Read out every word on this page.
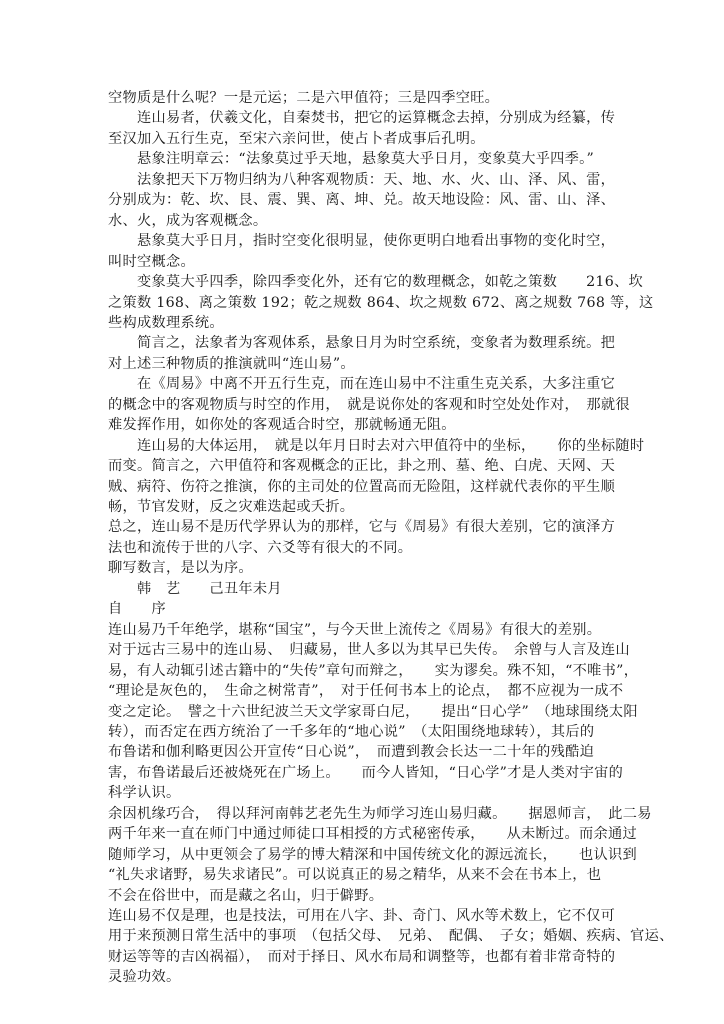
空物质是什么呢？一是元运；二是六甲值符；三是四季空旺。
　　连山易者，伏羲文化，自秦焚书，把它的运算概念去掉，分别成为经纂，传
至汉加入五行生克，至宋六亲问世，使占卜者成事后孔明。
　　悬象注明章云：“法象莫过乎天地，悬象莫大乎日月，变象莫大乎四季。”
　　法象把天下万物归纳为八种客观物质：天、地、水、火、山、泽、风、雷，
分别成为：乾、坎、艮、震、巽、离、坤、兑。故天地设险：风、雷、山、泽、
水、火，成为客观概念。
　　悬象莫大乎日月，指时空变化很明显，使你更明白地看出事物的变化时空，
叫时空概念。
　　变象莫大乎四季，除四季变化外，还有它的数理概念，如乾之策数　　216、坎
之策数 168、离之策数 192；乾之规数 864、坎之规数 672、离之规数 768 等，这
些构成数理系统。
　　简言之，法象者为客观体系，悬象日月为时空系统，变象者为数理系统。把
对上述三种物质的推演就叫“连山易”。
　　在《周易》中离不开五行生克，而在连山易中不注重生克关系，大多注重它
的概念中的客观物质与时空的作用，　就是说你处的客观和时空处处作对，　那就很
难发挥作用，如你处的客观适合时空，那就畅通无阻。
　　连山易的大体运用，　就是以年月日时去对六甲值符中的坐标，　　你的坐标随时
而变。简言之，六甲值符和客观概念的正比，卦之刑、墓、绝、白虎、天网、天
贼、病符、伤符之推演，你的主司处的位置高而无险阻，这样就代表你的平生顺
畅，节官发财，反之灾难迭起或夭折。
总之，连山易不是历代学界认为的那样，它与《周易》有很大差别，它的演泽方
法也和流传于世的八字、六爻等有很大的不同。
聊写数言，是以为序。
　　韩　艺　　己丑年未月
自　　序
连山易乃千年绝学，堪称“国宝”，与今天世上流传之《周易》有很大的差别。
对于远古三易中的连山易、　归藏易，世人多以为其早已失传。　余曾与人言及连山
易，有人动辄引述古籍中的“失传”章句而辩之，　　实为谬矣。殊不知，“不唯书”，
“理论是灰色的，　生命之树常青”，　对于任何书本上的论点，　都不应视为一成不
变之定论。　譬之十六世纪波兰天文学家哥白尼，　　提出“日心学”　（地球围绕太阳
转），而否定在西方统治了一千多年的“地心说”　（太阳围绕地球转），其后的
布鲁诺和伽利略更因公开宣传“日心说”，　而遭到教会长达一二十年的残酷迫
害，布鲁诺最后还被烧死在广场上。　　而今人皆知，“日心学”才是人类对宇宙的
科学认识。
余因机缘巧合，　得以拜河南韩艺老先生为师学习连山易归藏。　　据恩师言，　此二易
两千年来一直在师门中通过师徒口耳相授的方式秘密传承，　　从未断过。而余通过
随师学习，从中更领会了易学的博大精深和中国传统文化的源远流长，　　也认识到
“礼失求诸野，易失求诸民”。可以说真正的易之精华，从来不会在书本上，也
不会在俗世中，而是藏之名山，归于僻野。
连山易不仅是理，也是技法，可用在八字、卦、奇门、风水等术数上，它不仅可
用于来预测日常生活中的事项　（包括父母、　兄弟、　配偶、　子女；婚姻、疾病、官运、
财运等等的吉凶祸福），　而对于择日、风水布局和调整等，也都有着非常奇特的
灵验功效。
